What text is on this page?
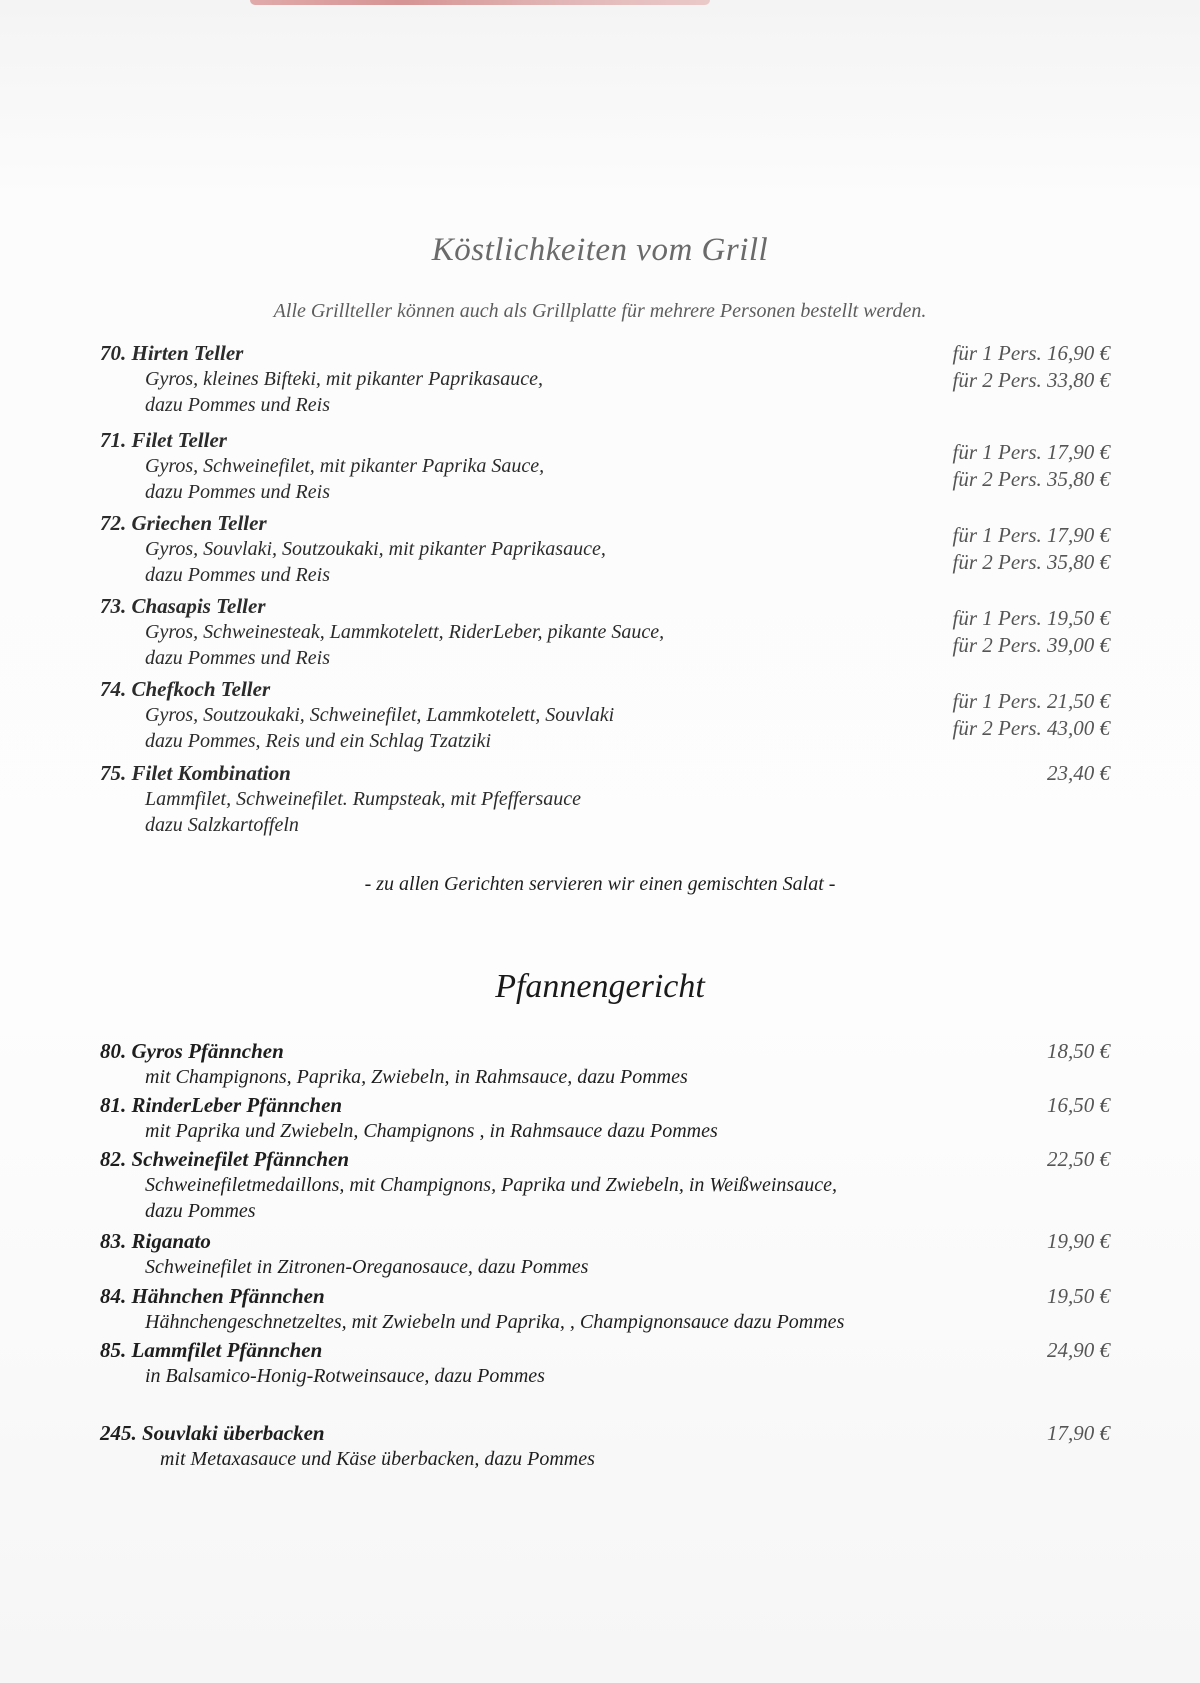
Köstlichkeiten vom Grill

Alle Grillteller können auch als Grillplatte für mehrere Personen bestellt werden.

70. Hirten Teller
Gyros, kleines Bifteki, mit pikanter Paprikasauce,
dazu Pommes und Reis
für 1 Pers. 16,90 €
für 2 Pers. 33,80 €
71. Filet Teller
Gyros, Schweinefilet, mit pikanter Paprika Sauce,
dazu Pommes und Reis
für 1 Pers. 17,90 €
für 2 Pers. 35,80 €
72. Griechen Teller
Gyros, Souvlaki, Soutzoukaki, mit pikanter Paprikasauce,
dazu Pommes und Reis
für 1 Pers. 17,90 €
für 2 Pers. 35,80 €
73. Chasapis Teller
Gyros, Schweinesteak, Lammkotelett, RiderLeber, pikante Sauce,
dazu Pommes und Reis
für 1 Pers. 19,50 €
für 2 Pers. 39,00 €
74. Chefkoch Teller
Gyros, Soutzoukaki, Schweinefilet, Lammkotelett, Souvlaki
dazu Pommes, Reis und ein Schlag Tzatziki
für 1 Pers. 21,50 €
für 2 Pers. 43,00 €
75. Filet Kombination
Lammfilet, Schweinefilet. Rumpsteak, mit Pfeffersauce
dazu Salzkartoffeln
23,40 €

- zu allen Gerichten servieren wir einen gemischten Salat -

Pfannengericht
80. Gyros Pfännchen
mit Champignons, Paprika, Zwiebeln, in Rahmsauce, dazu Pommes
18,50 €
81. RinderLeber Pfännchen
mit Paprika und Zwiebeln, Champignons , in Rahmsauce dazu Pommes
16,50 €
82. Schweinefilet Pfännchen
Schweinefiletmedaillons, mit Champignons, Paprika und Zwiebeln, in Weißweinsauce,
dazu Pommes
22,50 €
83. Riganato
Schweinefilet in Zitronen-Oreganosauce, dazu Pommes
19,90 €
84. Hähnchen Pfännchen
Hähnchengeschnetzeltes, mit Zwiebeln und Paprika, , Champignonsauce dazu Pommes
19,50 €
85. Lammfilet Pfännchen
in Balsamico-Honig-Rotweinsauce, dazu Pommes
24,90 €
245. Souvlaki überbacken
mit Metaxasauce und Käse überbacken, dazu Pommes
17,90 €
